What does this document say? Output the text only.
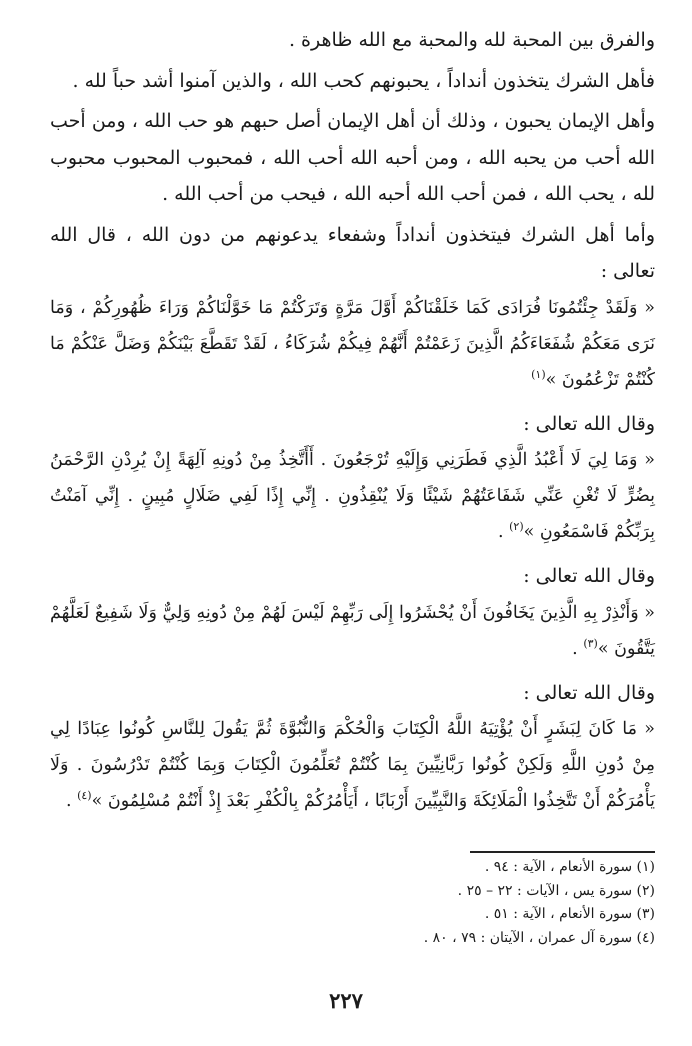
والفرق بين المحبة لله والمحبة مع الله ظاهرة .

فأهل الشرك يتخذون أنداداً ، يحبونهم كحب الله ، والذين آمنوا أشد حباً لله .

وأهل الإيمان يحبون ، وذلك أن أهل الإيمان أصل حبهم هو حب الله ، ومن أحب الله أحب من يحبه الله ، ومن أحبه الله أحب الله ، فمحبوب المحبوب محبوب لله ، يحب الله ، فمن أحب الله أحبه الله ، فيحب من أحب الله .

وأما أهل الشرك فيتخذون أنداداً وشفعاء يدعونهم من دون الله ، قال الله تعالى :

« وَلَقَدْ جِئْتُمُونَا فُرَادَى كَمَا خَلَقْنَاكُمْ أَوَّلَ مَرَّةٍ وَتَرَكْتُمْ مَا خَوَّلْنَاكُمْ وَرَاءَ ظُهُورِكُمْ ، وَمَا نَرَى مَعَكُمْ شُفَعَاءَكُمُ الَّذِينَ زَعَمْتُمْ أَنَّهُمْ فِيكُمْ شُرَكَاءُ ، لَقَدْ تَقَطَّعَ بَيْنَكُمْ وَضَلَّ عَنْكُمْ مَا كُنْتُمْ تَزْعُمُونَ »$^{(١)}$

وقال الله تعالى :

« وَمَا لِيَ لَا أَعْبُدُ الَّذِي فَطَرَنِي وَإِلَيْهِ تُرْجَعُونَ . أَأَتَّخِذُ مِنْ دُونِهِ آلِهَةً إِنْ يُرِدْنِ الرَّحْمَنُ بِضُرٍّ لَا تُغْنِ عَنِّي شَفَاعَتُهُمْ شَيْئًا وَلَا يُنْقِذُونِ . إِنِّي إِذًا لَفِي ضَلَالٍ مُبِينٍ . إِنِّي آمَنْتُ بِرَبِّكُمْ فَاسْمَعُونِ »$^{(٢)}$ .

وقال الله تعالى :

« وَأَنْذِرْ بِهِ الَّذِينَ يَخَافُونَ أَنْ يُحْشَرُوا إِلَى رَبِّهِمْ لَيْسَ لَهُمْ مِنْ دُونِهِ وَلِيٌّ وَلَا شَفِيعٌ لَعَلَّهُمْ يَتَّقُونَ »$^{(٣)}$ .

وقال الله تعالى :

« مَا كَانَ لِبَشَرٍ أَنْ يُؤْتِيَهُ اللَّهُ الْكِتَابَ وَالْحُكْمَ وَالنُّبُوَّةَ ثُمَّ يَقُولَ لِلنَّاسِ كُونُوا عِبَادًا لِي مِنْ دُونِ اللَّهِ وَلَكِنْ كُونُوا رَبَّانِيِّينَ بِمَا كُنْتُمْ تُعَلِّمُونَ الْكِتَابَ وَبِمَا كُنْتُمْ تَدْرُسُونَ . وَلَا يَأْمُرَكُمْ أَنْ تَتَّخِذُوا الْمَلَائِكَةَ وَالنَّبِيِّينَ أَرْبَابًا ، أَيَأْمُرُكُمْ بِالْكُفْرِ بَعْدَ إِذْ أَنْتُمْ مُسْلِمُونَ »$^{(٤)}$ .

(١) سورة الأنعام ، الآية : ٩٤ .
(٢) سورة يس ، الآيات : ٢٢ – ٢٥ .
(٣) سورة الأنعام ، الآية : ٥١ .
(٤) سورة آل عمران ، الآيتان : ٧٩ ، ٨٠ .
٢٢٧
